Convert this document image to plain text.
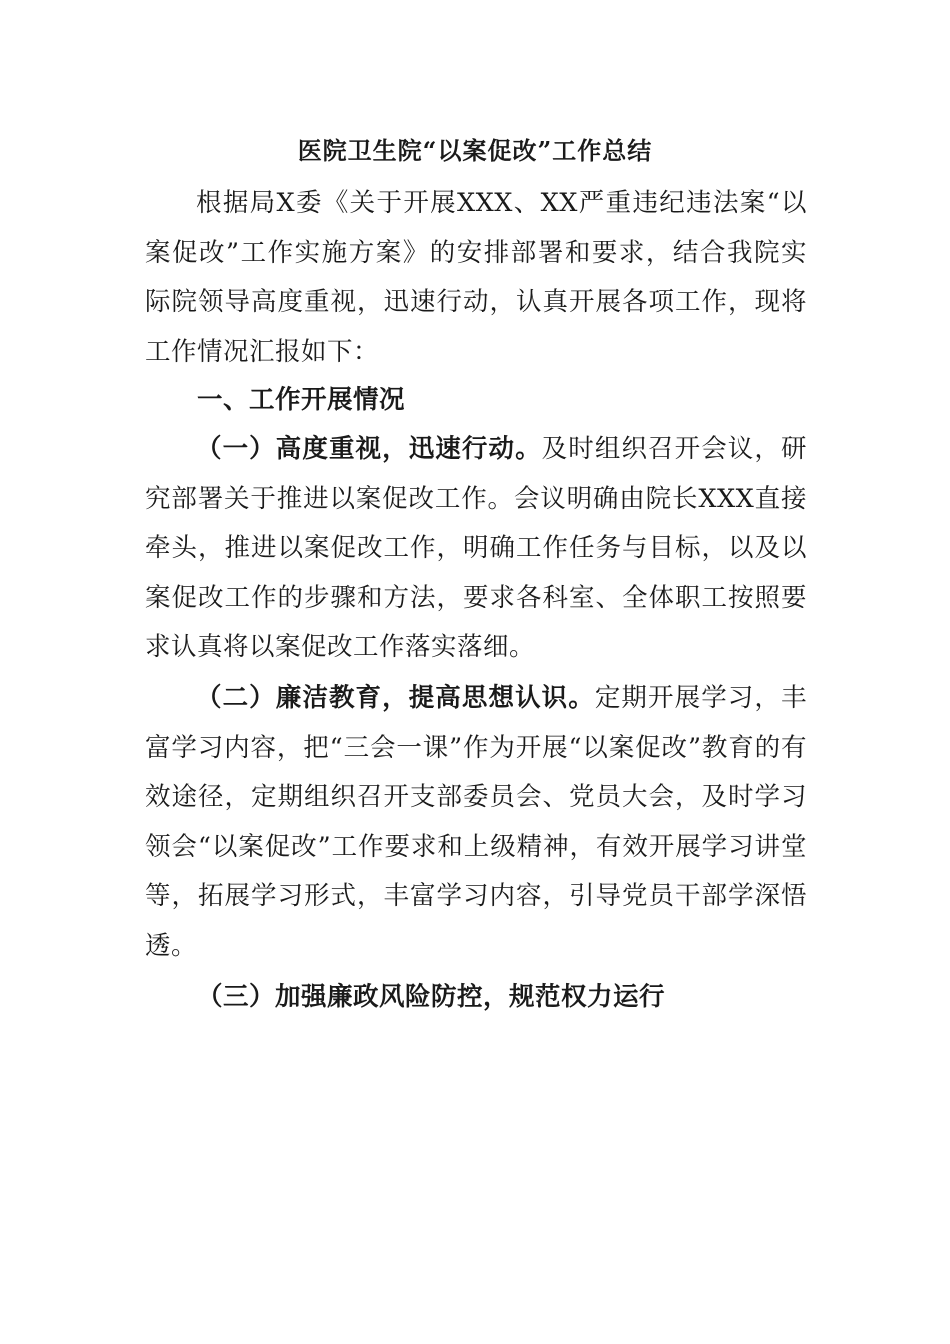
医院卫生院“以案促改”工作总结

根据局X委《关于开展XXX、XX严重违纪违法案“以案促改”工作实施方案》的安排部署和要求，结合我院实际院领导高度重视，迅速行动，认真开展各项工作，现将工作情况汇报如下：

一、工作开展情况

（一）高度重视，迅速行动。及时组织召开会议，研究部署关于推进以案促改工作。会议明确由院长XXX直接牵头，推进以案促改工作，明确工作任务与目标，以及以案促改工作的步骤和方法，要求各科室、全体职工按照要求认真将以案促改工作落实落细。

（二）廉洁教育，提高思想认识。定期开展学习，丰富学习内容，把“三会一课”作为开展“以案促改”教育的有效途径，定期组织召开支部委员会、党员大会，及时学习领会“以案促改”工作要求和上级精神，有效开展学习讲堂等，拓展学习形式，丰富学习内容，引导党员干部学深悟透。

（三）加强廉政风险防控，规范权力运行
